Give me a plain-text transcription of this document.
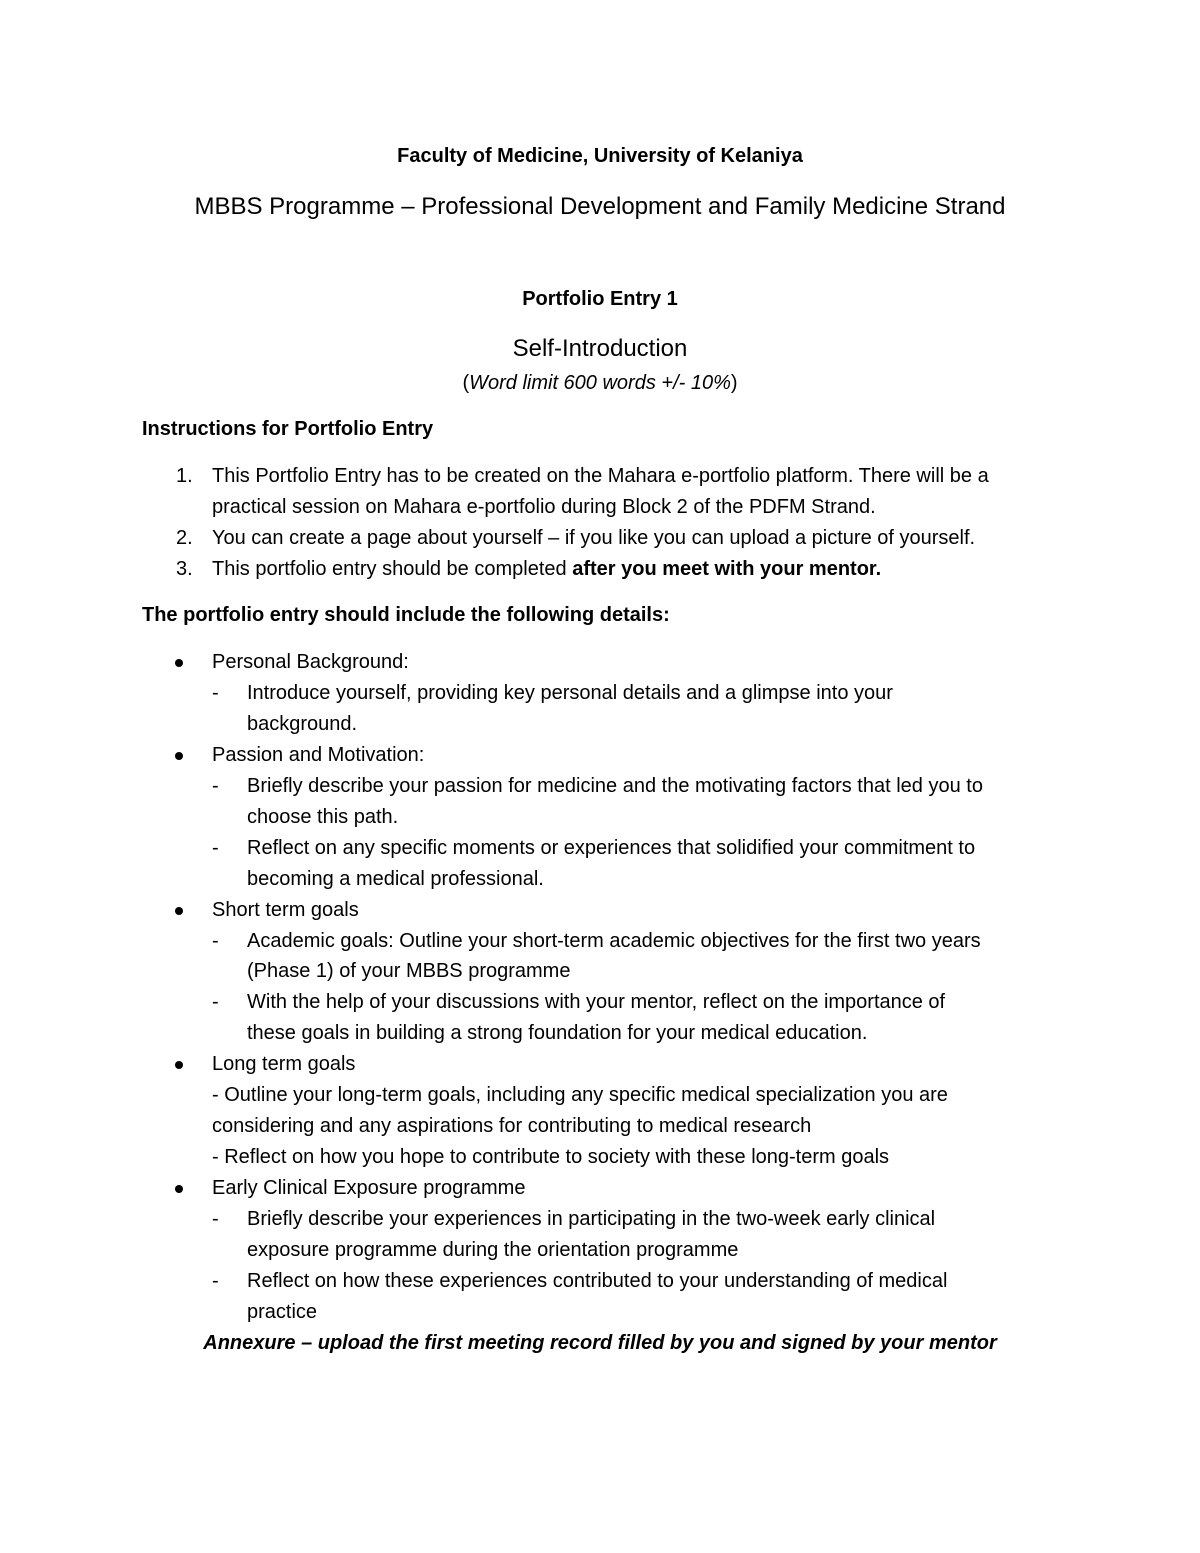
Faculty of Medicine, University of Kelaniya
MBBS Programme – Professional Development and Family Medicine Strand
Portfolio Entry 1
Self-Introduction
(Word limit 600 words +/- 10%)
Instructions for Portfolio Entry
1. This Portfolio Entry has to be created on the Mahara e-portfolio platform. There will be a
practical session on Mahara e-portfolio during Block 2 of the PDFM Strand.
2. You can create a page about yourself – if you like you can upload a picture of yourself.
3. This portfolio entry should be completed after you meet with your mentor.
The portfolio entry should include the following details:
Personal Background:
- Introduce yourself, providing key personal details and a glimpse into your
background.
Passion and Motivation:
- Briefly describe your passion for medicine and the motivating factors that led you to
choose this path.
- Reflect on any specific moments or experiences that solidified your commitment to
becoming a medical professional.
Short term goals
- Academic goals: Outline your short-term academic objectives for the first two years
(Phase 1) of your MBBS programme
- With the help of your discussions with your mentor, reflect on the importance of
these goals in building a strong foundation for your medical education.
Long term goals
- Outline your long-term goals, including any specific medical specialization you are
considering and any aspirations for contributing to medical research
- Reflect on how you hope to contribute to society with these long-term goals
Early Clinical Exposure programme
- Briefly describe your experiences in participating in the two-week early clinical
exposure programme during the orientation programme
- Reflect on how these experiences contributed to your understanding of medical
practice
Annexure – upload the first meeting record filled by you and signed by your mentor
